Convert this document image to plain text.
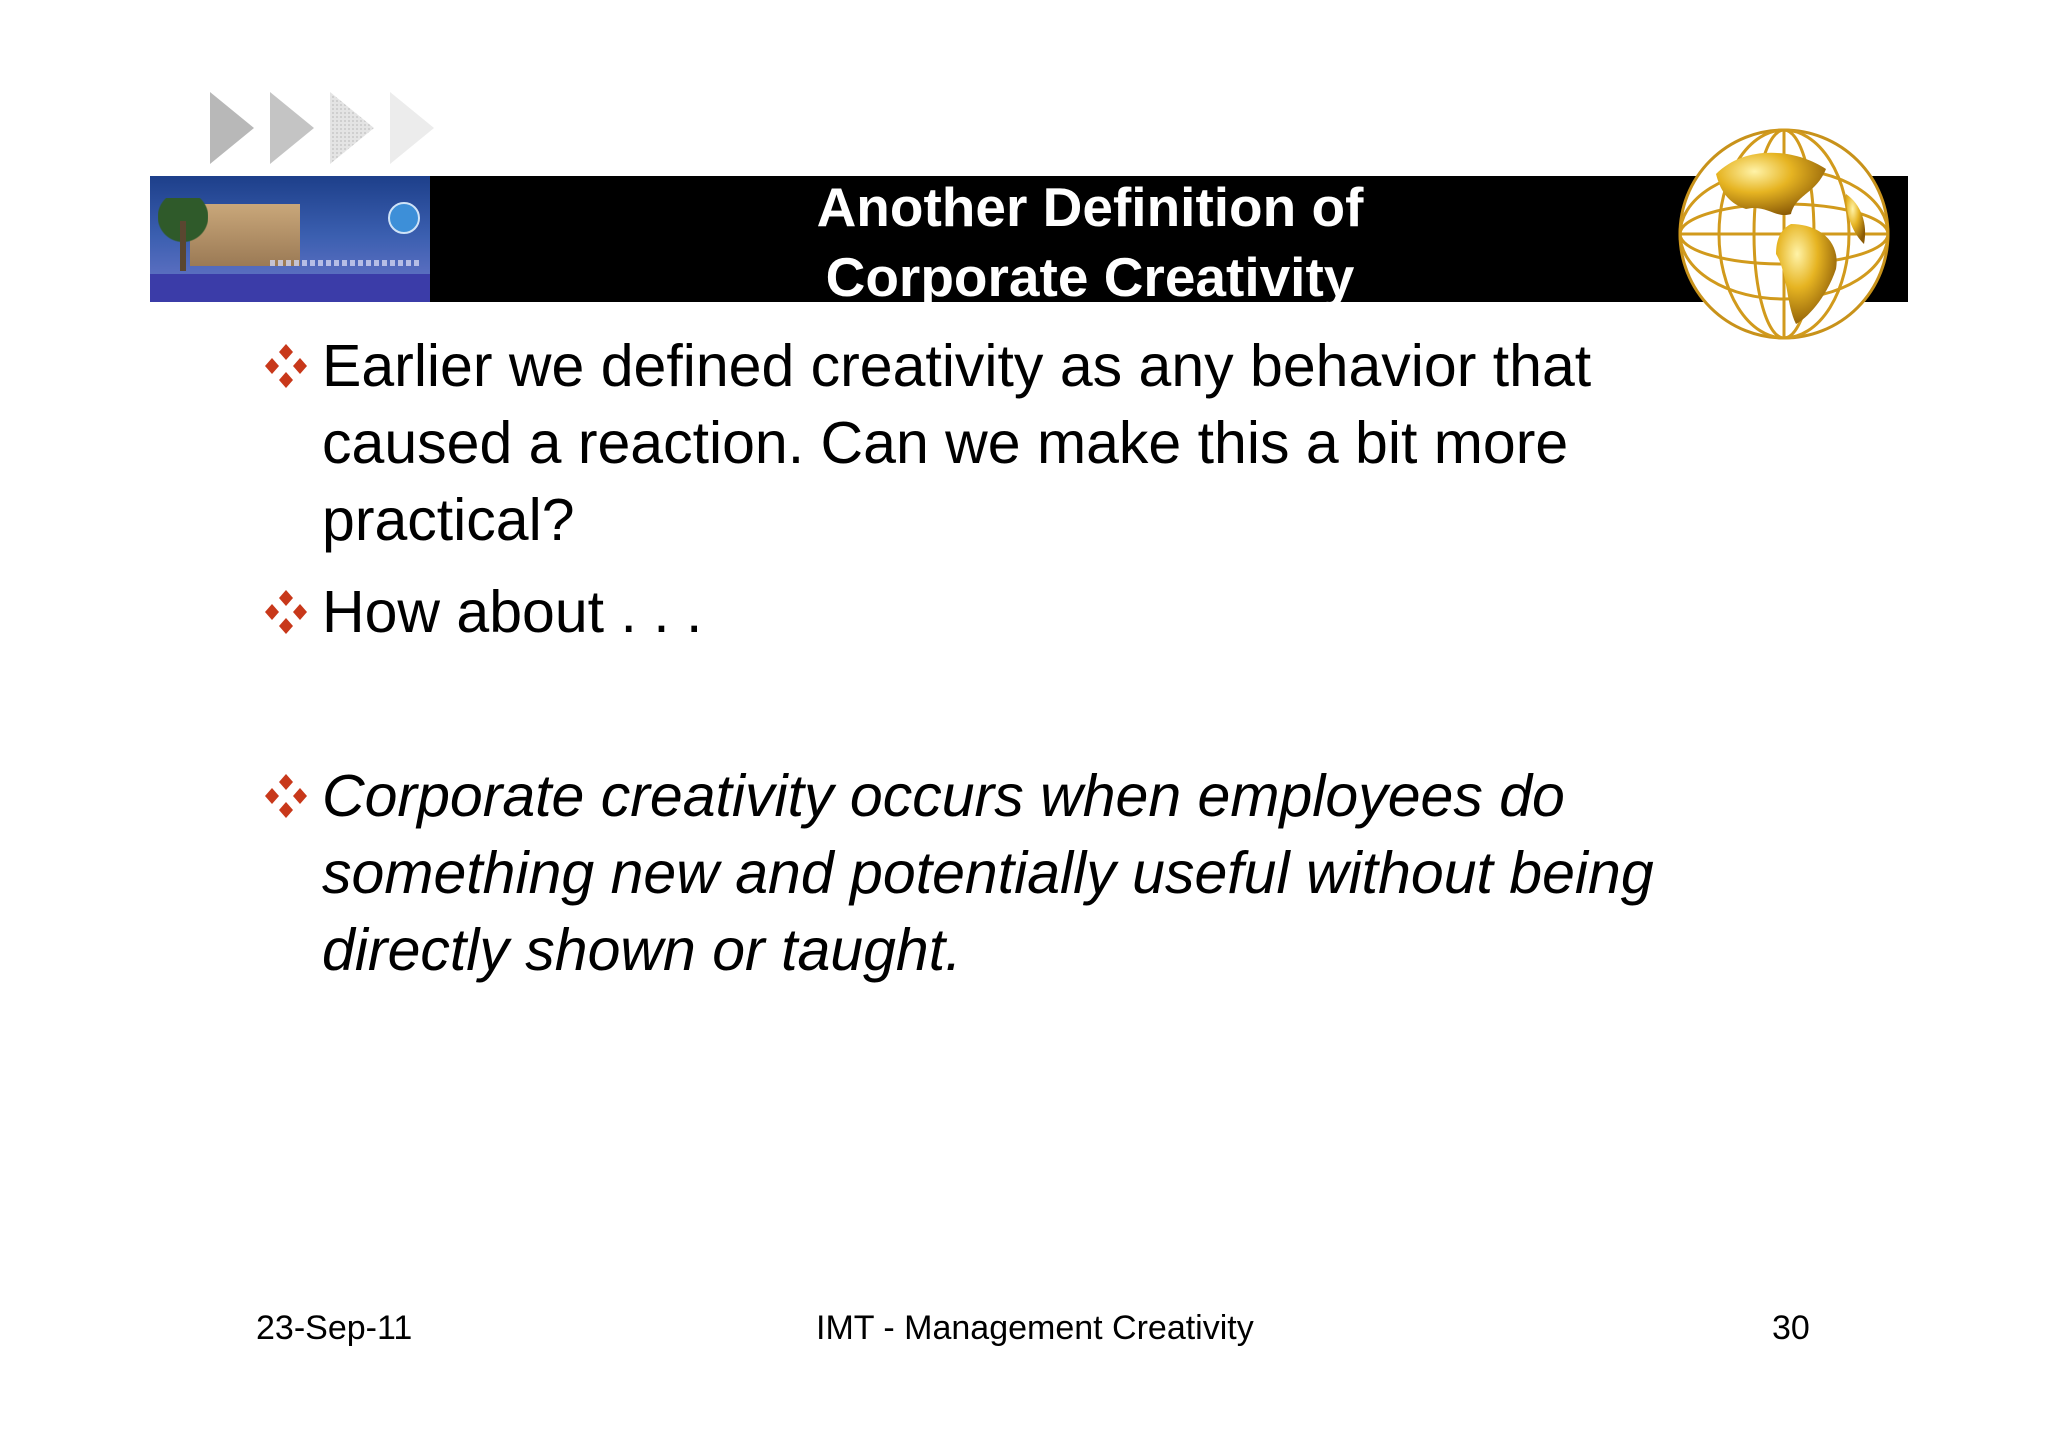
Another Definition of
Corporate Creativity
Earlier we defined creativity as any behavior that
caused a reaction. Can we make this a bit more
practical?
How about . . .
Corporate creativity occurs when employees do
something new and potentially useful without being
directly shown or taught.
23-Sep-11	IMT - Management Creativity	30
